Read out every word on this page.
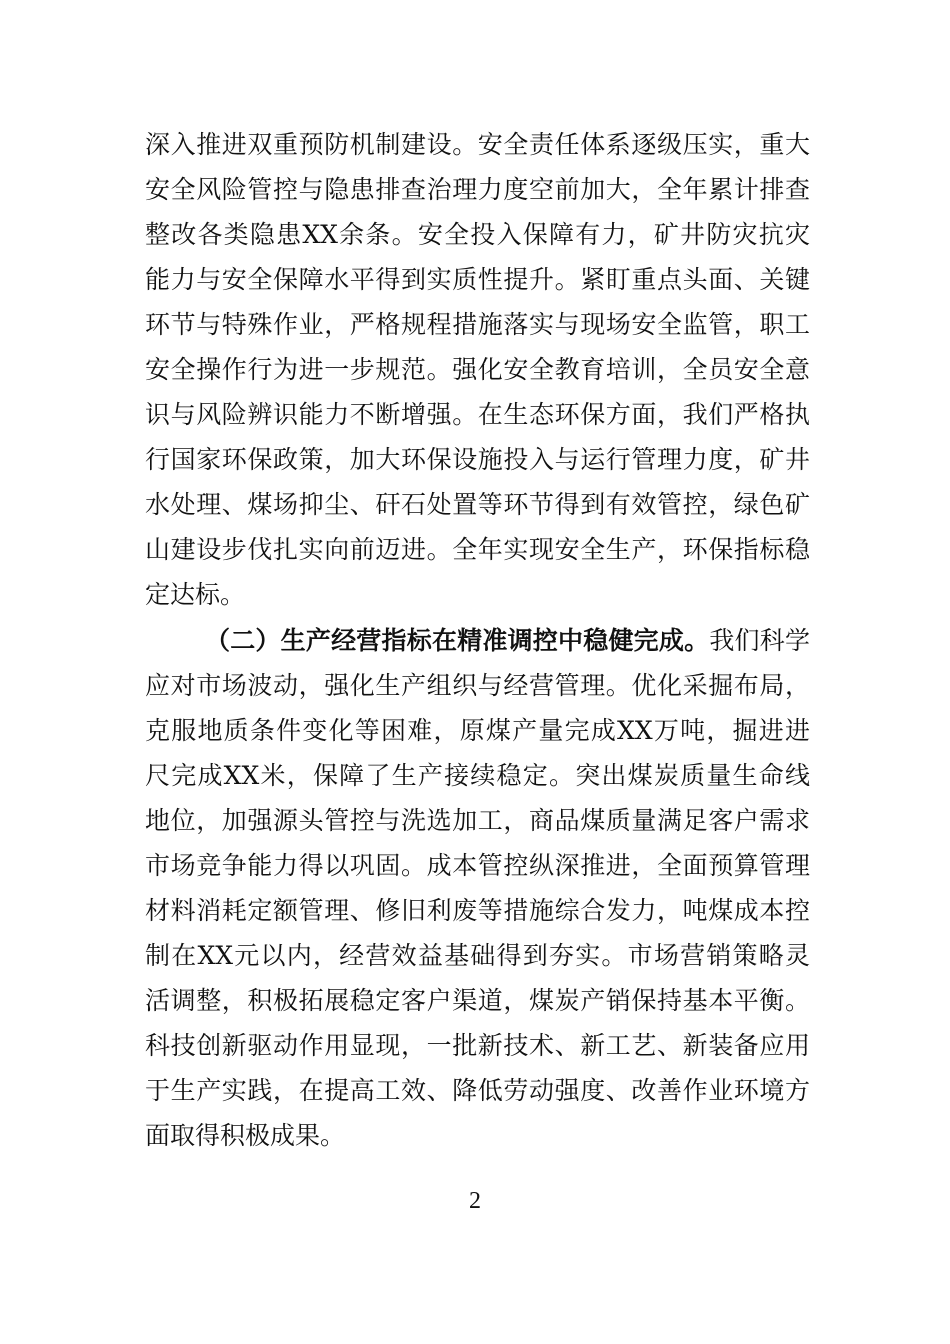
深入推进双重预防机制建设。安全责任体系逐级压实，重大
安全风险管控与隐患排查治理力度空前加大，全年累计排查
整改各类隐患XX余条。安全投入保障有力，矿井防灾抗灾
能力与安全保障水平得到实质性提升。紧盯重点头面、关键
环节与特殊作业，严格规程措施落实与现场安全监管，职工
安全操作行为进一步规范。强化安全教育培训，全员安全意
识与风险辨识能力不断增强。在生态环保方面，我们严格执
行国家环保政策，加大环保设施投入与运行管理力度，矿井
水处理、煤场抑尘、矸石处置等环节得到有效管控，绿色矿
山建设步伐扎实向前迈进。全年实现安全生产，环保指标稳
定达标。
（二）生产经营指标在精准调控中稳健完成。我们科学
应对市场波动，强化生产组织与经营管理。优化采掘布局，
克服地质条件变化等困难，原煤产量完成XX万吨，掘进进
尺完成XX米，保障了生产接续稳定。突出煤炭质量生命线
地位，加强源头管控与洗选加工，商品煤质量满足客户需求
市场竞争能力得以巩固。成本管控纵深推进，全面预算管理
材料消耗定额管理、修旧利废等措施综合发力，吨煤成本控
制在XX元以内，经营效益基础得到夯实。市场营销策略灵
活调整，积极拓展稳定客户渠道，煤炭产销保持基本平衡。
科技创新驱动作用显现，一批新技术、新工艺、新装备应用
于生产实践，在提高工效、降低劳动强度、改善作业环境方
面取得积极成果。
2
